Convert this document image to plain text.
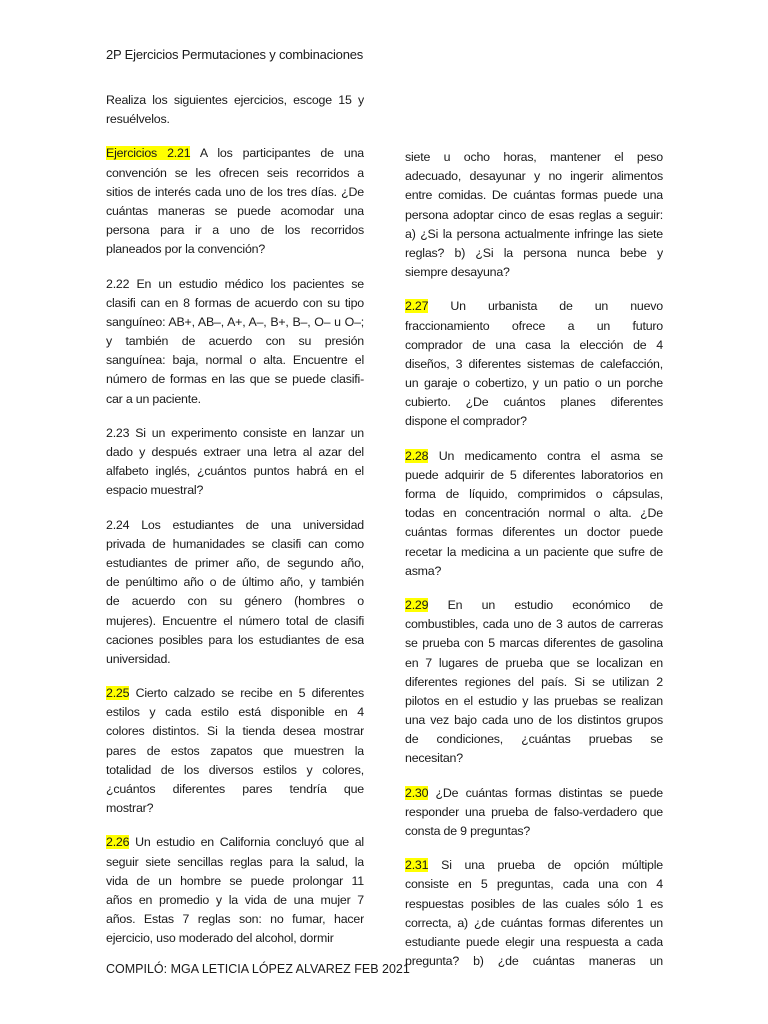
2P Ejercicios Permutaciones y combinaciones
Realiza los siguientes ejercicios, escoge 15 y
resuélvelos.
Ejercicios 2.21 A los participantes de una
convención se les ofrecen seis recorridos a
sitios de interés cada uno de los tres días. ¿De
cuántas maneras se puede acomodar una
persona para ir a uno de los recorridos
planeados por la convención?
2.22 En un estudio médico los pacientes se
clasifi can en 8 formas de acuerdo con su tipo
sanguíneo: AB+, AB–, A+, A–, B+, B–, O– u O–;
y también de acuerdo con su presión
sanguínea: baja, normal o alta. Encuentre el
número de formas en las que se puede clasifi-
car a un paciente.
2.23 Si un experimento consiste en lanzar un
dado y después extraer una letra al azar del
alfabeto inglés, ¿cuántos puntos habrá en el
espacio muestral?
2.24 Los estudiantes de una universidad
privada de humanidades se clasifi can como
estudiantes de primer año, de segundo año,
de penúltimo año o de último año, y también
de acuerdo con su género (hombres o
mujeres). Encuentre el número total de clasifi
caciones posibles para los estudiantes de esa
universidad.
2.25 Cierto calzado se recibe en 5 diferentes
estilos y cada estilo está disponible en 4
colores distintos. Si la tienda desea mostrar
pares de estos zapatos que muestren la
totalidad de los diversos estilos y colores,
¿cuántos diferentes pares tendría que
mostrar?
2.26 Un estudio en California concluyó que al
seguir siete sencillas reglas para la salud, la
vida de un hombre se puede prolongar 11
años en promedio y la vida de una mujer 7
años. Estas 7 reglas son: no fumar, hacer
ejercicio, uso moderado del alcohol, dormir
siete u ocho horas, mantener el peso
adecuado, desayunar y no ingerir alimentos
entre comidas. De cuántas formas puede una
persona adoptar cinco de esas reglas a seguir:
a) ¿Si la persona actualmente infringe las siete
reglas? b) ¿Si la persona nunca bebe y
siempre desayuna?
2.27 Un urbanista de un nuevo
fraccionamiento ofrece a un futuro
comprador de una casa la elección de 4
diseños, 3 diferentes sistemas de calefacción,
un garaje o cobertizo, y un patio o un porche
cubierto. ¿De cuántos planes diferentes
dispone el comprador?
2.28 Un medicamento contra el asma se
puede adquirir de 5 diferentes laboratorios en
forma de líquido, comprimidos o cápsulas,
todas en concentración normal o alta. ¿De
cuántas formas diferentes un doctor puede
recetar la medicina a un paciente que sufre de
asma?
2.29 En un estudio económico de
combustibles, cada uno de 3 autos de carreras
se prueba con 5 marcas diferentes de gasolina
en 7 lugares de prueba que se localizan en
diferentes regiones del país. Si se utilizan 2
pilotos en el estudio y las pruebas se realizan
una vez bajo cada uno de los distintos grupos
de condiciones, ¿cuántas pruebas se
necesitan?
2.30 ¿De cuántas formas distintas se puede
responder una prueba de falso-verdadero que
consta de 9 preguntas?
2.31 Si una prueba de opción múltiple
consiste en 5 preguntas, cada una con 4
respuestas posibles de las cuales sólo 1 es
correcta, a) ¿de cuántas formas diferentes un
estudiante puede elegir una respuesta a cada
pregunta? b) ¿de cuántas maneras un
COMPILÓ: MGA LETICIA LÓPEZ ALVAREZ FEB 2021
